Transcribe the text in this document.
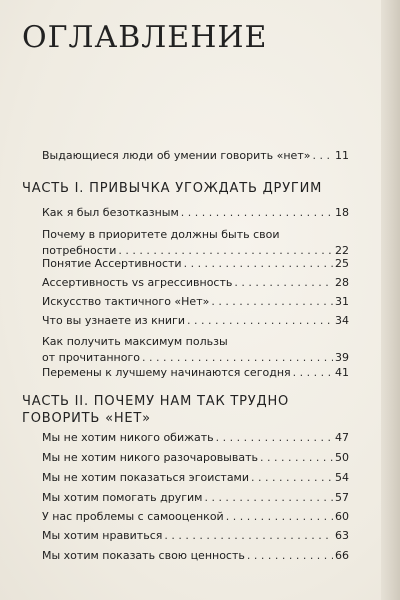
ОГЛАВЛЕНИЕ
Выдающиеся люди об умении говорить «нет» . . . 11
ЧАСТЬ I. ПРИВЫЧКА УГОЖДАТЬ ДРУГИМ
Как я был безотказным . . .	18
Почему в приоритете должны быть свои
потребности . . .	22
Понятие Ассертивности . . .	25
Ассертивность vs агрессивность . . .	28
Искусство тактичного «Нет» . . .	31
Что вы узнаете из книги . . .	34
Как получить максимум пользы
от прочитанного . . .	39
Перемены к лучшему начинаются сегодня . . .	41
ЧАСТЬ II. ПОЧЕМУ НАМ ТАК ТРУДНО
ГОВОРИТЬ «НЕТ»
Мы не хотим никого обижать . . .	47
Мы не хотим никого разочаровывать . . .	50
Мы не хотим показаться эгоистами . . .	54
Мы хотим помогать другим . . .	57
У нас проблемы с самооценкой . . .	60
Мы хотим нравиться . . .	63
Мы хотим показать свою ценность . . .	66
